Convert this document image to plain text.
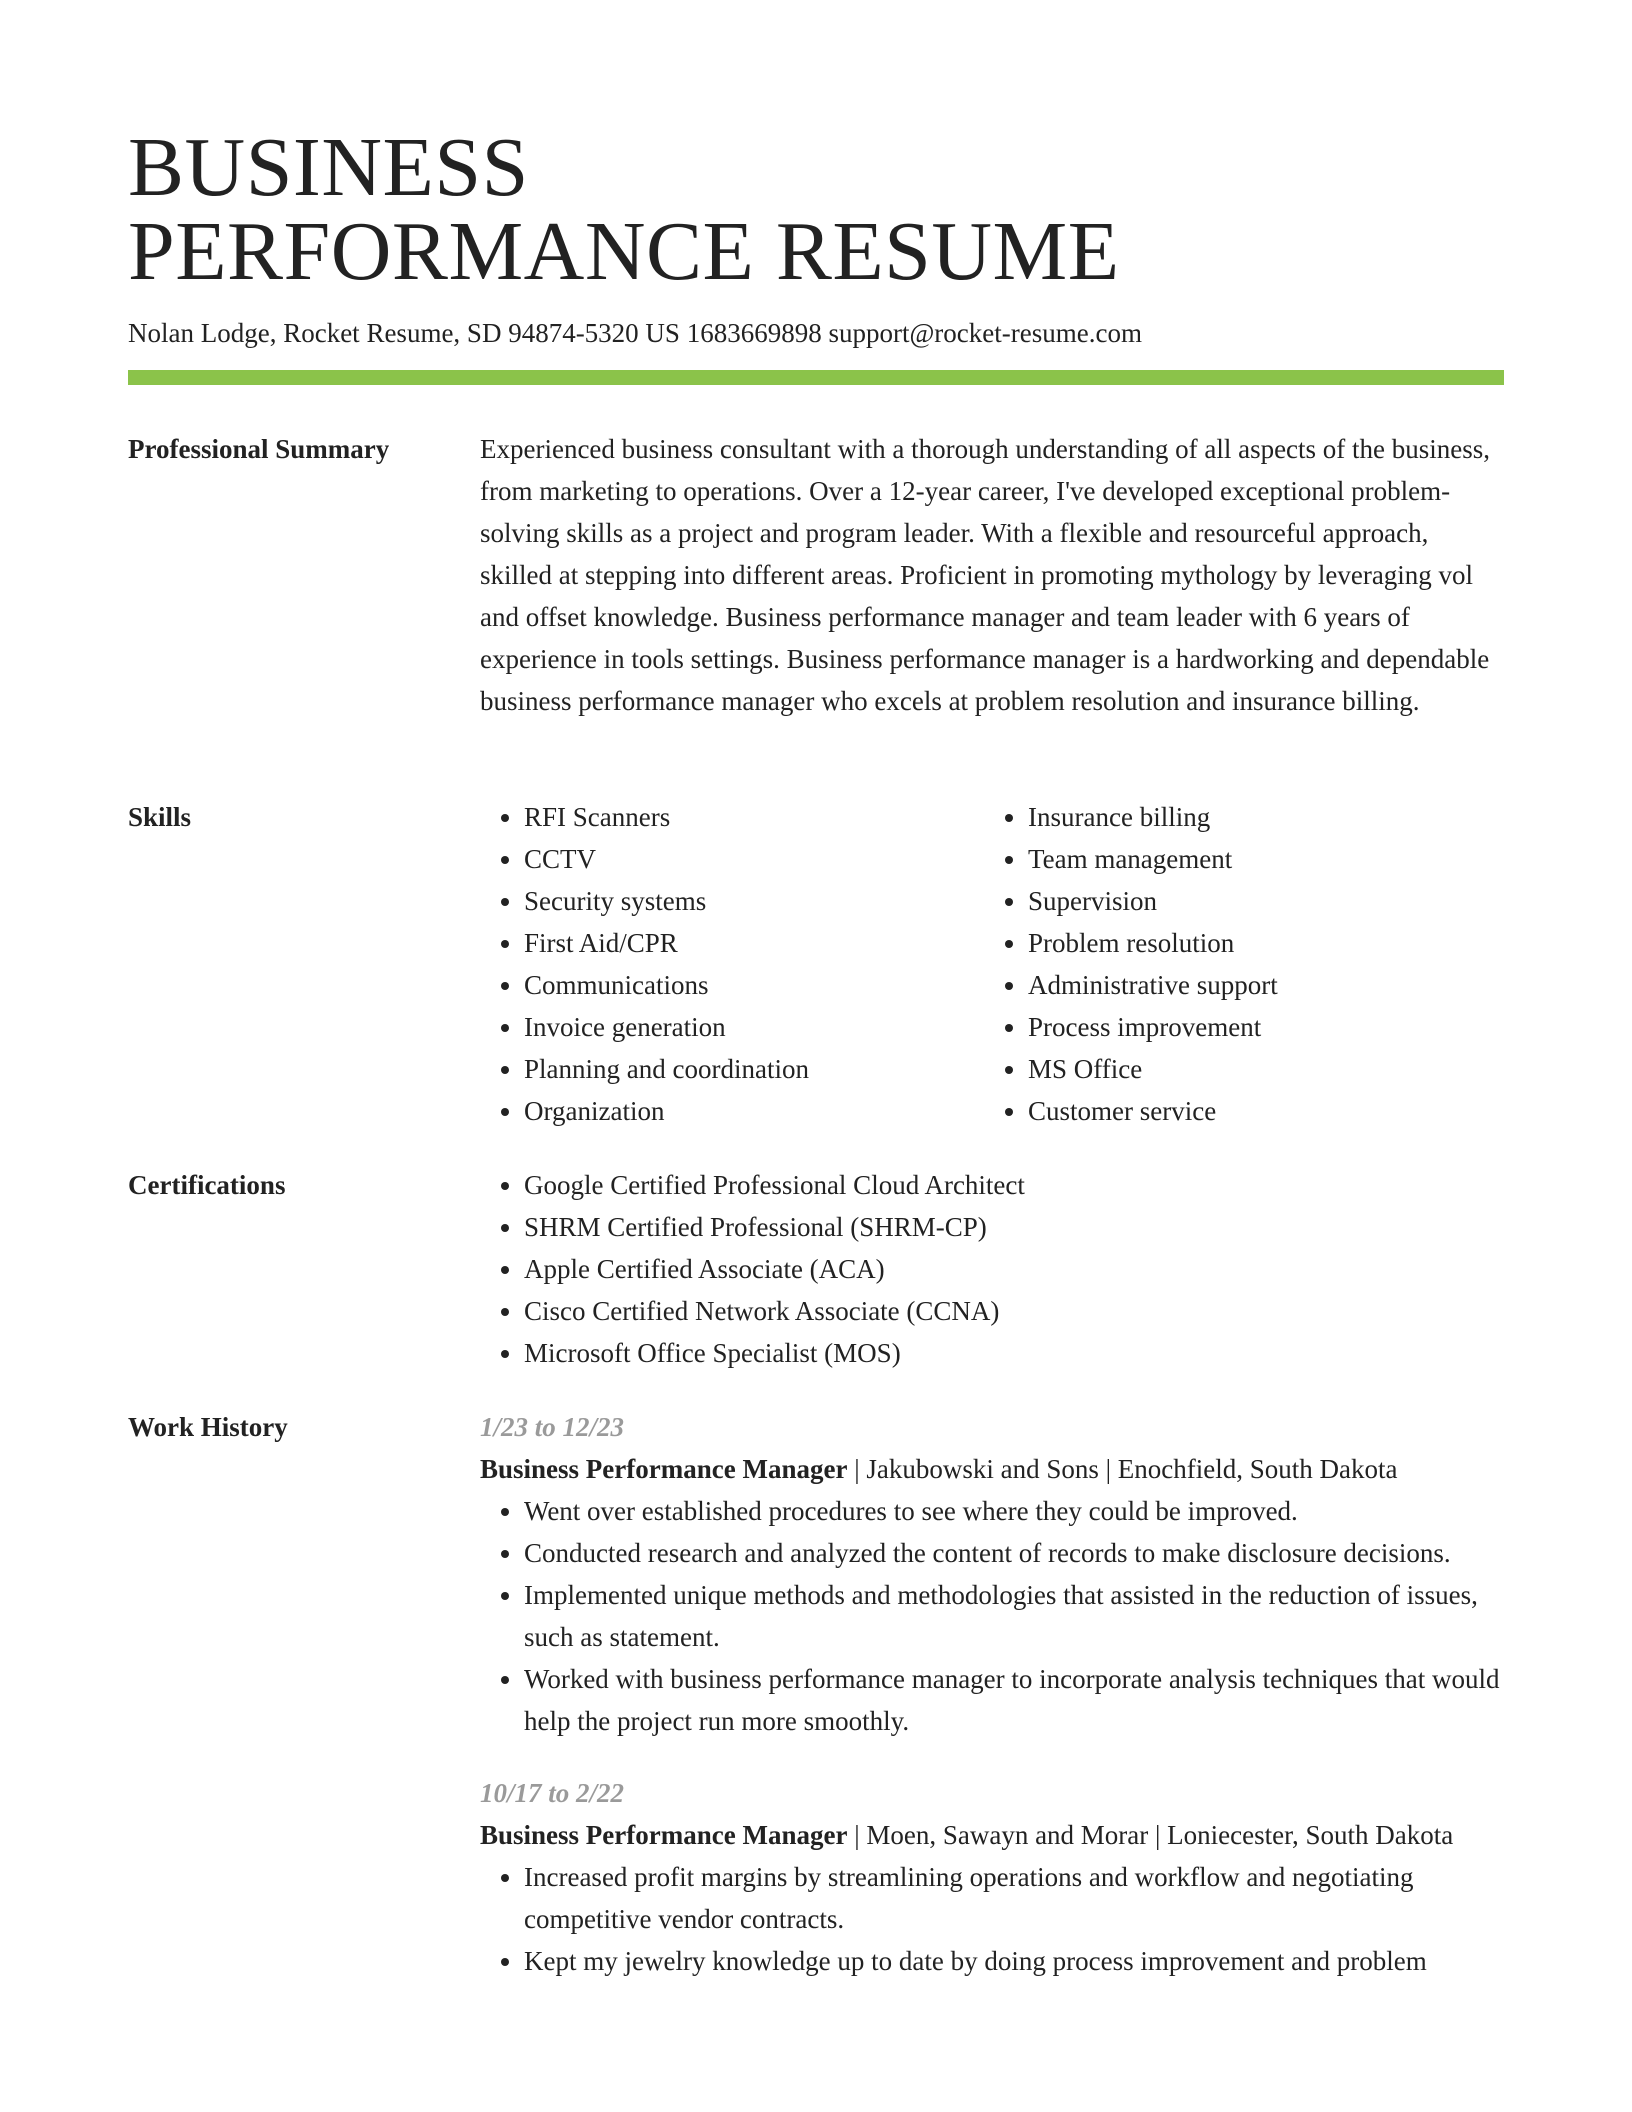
BUSINESS
PERFORMANCE RESUME
Nolan Lodge, Rocket Resume, SD 94874-5320 US 1683669898 support@rocket-resume.com
Professional Summary	Experienced business consultant with a thorough understanding of all aspects of the business, from marketing to operations. Over a 12-year career, I've developed exceptional problem-solving skills as a project and program leader. With a flexible and resourceful approach, skilled at stepping into different areas. Proficient in promoting mythology by leveraging vol and offset knowledge. Business performance manager and team leader with 6 years of experience in tools settings. Business performance manager is a hardworking and dependable business performance manager who excels at problem resolution and insurance billing.

Skills	• RFI Scanners
• CCTV
• Security systems
• First Aid/CPR
• Communications
• Invoice generation
• Planning and coordination
• Organization
• Insurance billing
• Team management
• Supervision
• Problem resolution
• Administrative support
• Process improvement
• MS Office
• Customer service
Certifications	• Google Certified Professional Cloud Architect
• SHRM Certified Professional (SHRM-CP)
• Apple Certified Associate (ACA)
• Cisco Certified Network Associate (CCNA)
• Microsoft Office Specialist (MOS)
Work History	1/23 to 12/23
Business Performance Manager | Jakubowski and Sons | Enochfield, South Dakota
• Went over established procedures to see where they could be improved.
• Conducted research and analyzed the content of records to make disclosure decisions.
• Implemented unique methods and methodologies that assisted in the reduction of issues, such as statement.
• Worked with business performance manager to incorporate analysis techniques that would help the project run more smoothly.
10/17 to 2/22
Business Performance Manager | Moen, Sawayn and Morar | Loniecester, South Dakota
• Increased profit margins by streamlining operations and workflow and negotiating competitive vendor contracts.
• Kept my jewelry knowledge up to date by doing process improvement and problem
